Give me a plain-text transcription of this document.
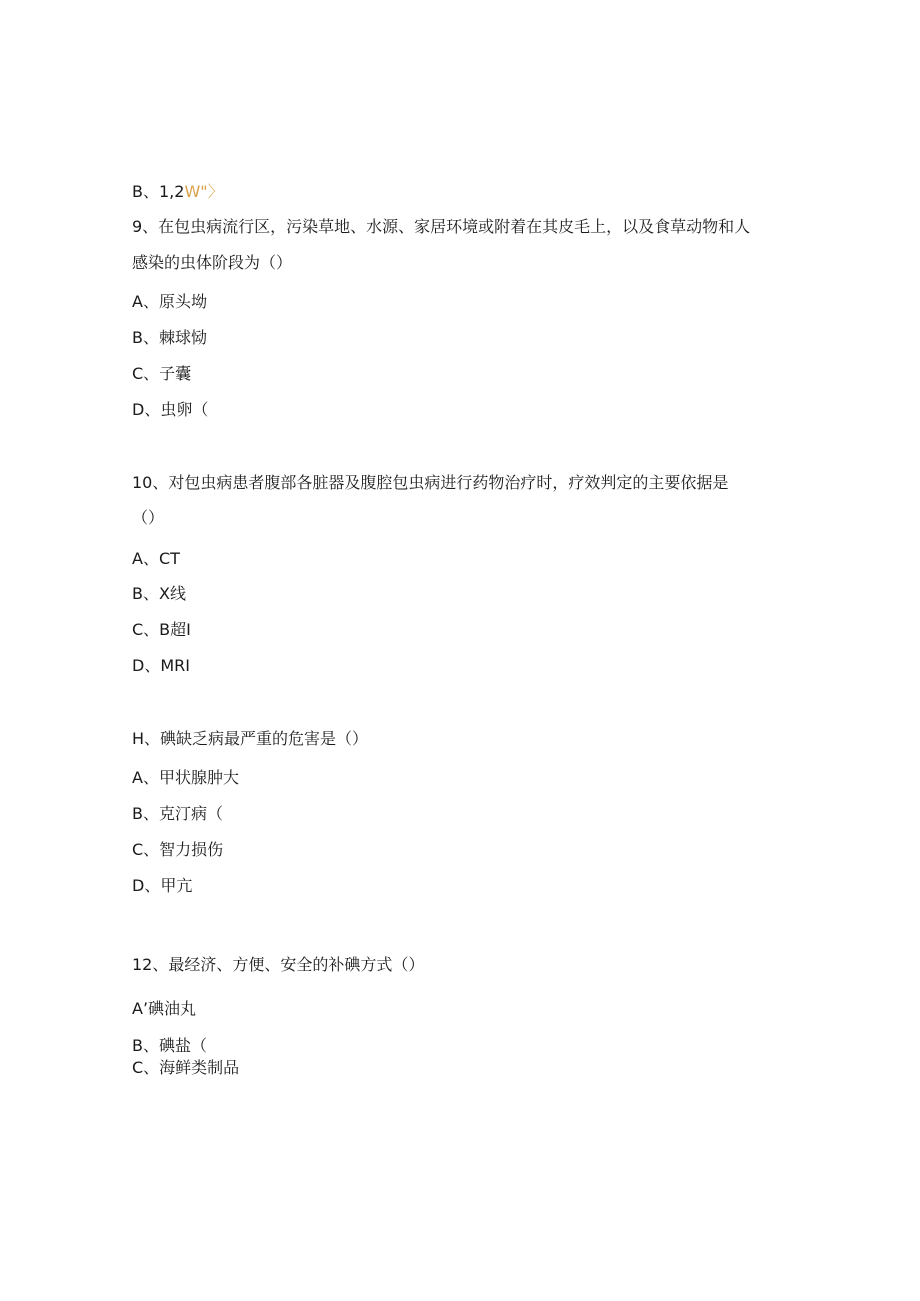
B、1,2W"〉
9、在包虫病流行区，污染草地、水源、家居环境或附着在其皮毛上，以及食草动物和人
感染的虫体阶段为（）
A、原头坳
B、棘球恸
C、子囊
D、虫卵（
10、对包虫病患者腹部各脏器及腹腔包虫病进行药物治疗时，疗效判定的主要依据是
（）
A、CT
B、X线
C、B超I
D、MRI
H、碘缺乏病最严重的危害是（）
A、甲状腺肿大
B、克汀病（
C、智力损伤
D、甲亢
12、最经济、方便、安全的补碘方式（）
A’碘油丸
B、碘盐（
C、海鲜类制品
